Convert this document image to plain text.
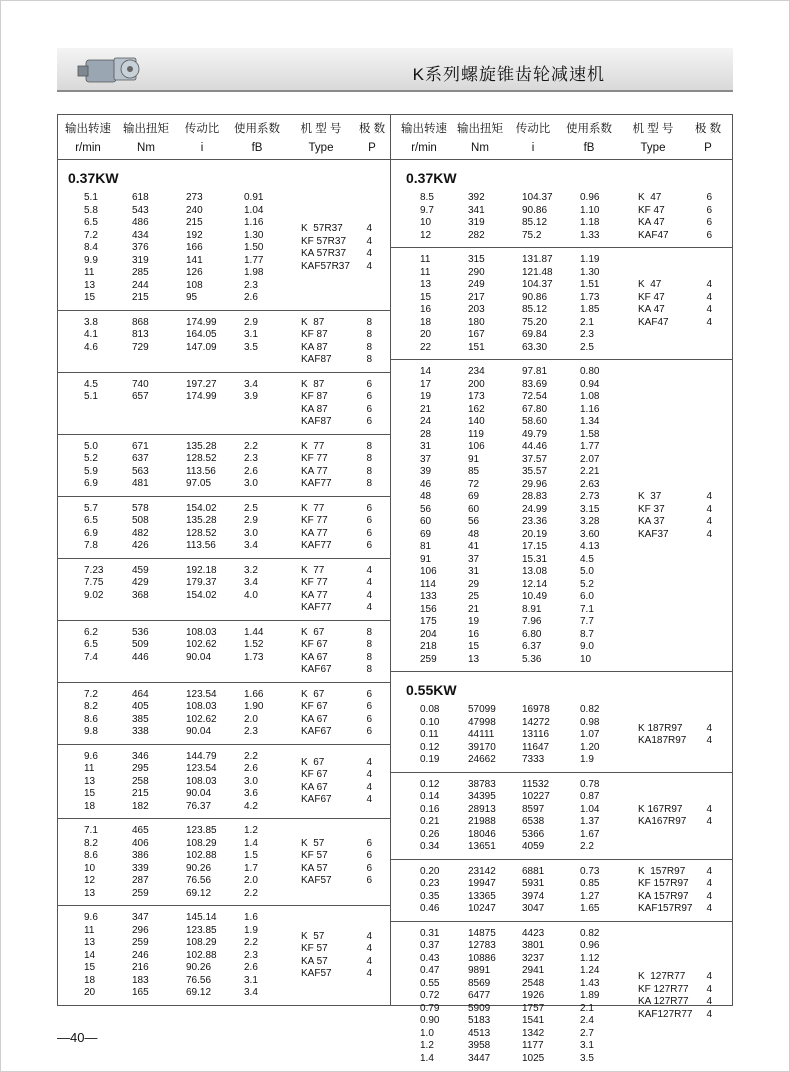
K系列螺旋锥齿轮减速机
输出转速
r/min
输出扭矩
Nm
传动比
i
使用系数
fB
机 型 号
Type
极 数
P
0.37KW
5.1
5.8
6.5
7.2
8.4
9.9
11
13
15
618
543
486
434
376
319
285
244
215
273
240
215
192
166
141
126
108
95
0.91
1.04
1.16
1.30
1.50
1.77
1.98
2.3
2.6
K  57R37
KF 57R37
KA 57R37
KAF57R37
4
4
4
4
3.8
4.1
4.6
868
813
729
174.99
164.05
147.09
2.9
3.1
3.5
K  87
KF 87
KA 87
KAF87
8
8
8
8
4.5
5.1
740
657
197.27
174.99
3.4
3.9
K  87
KF 87
KA 87
KAF87
6
6
6
6
5.0
5.2
5.9
6.9
671
637
563
481
135.28
128.52
113.56
97.05
2.2
2.3
2.6
3.0
K  77
KF 77
KA 77
KAF77
8
8
8
8
5.7
6.5
6.9
7.8
578
508
482
426
154.02
135.28
128.52
113.56
2.5
2.9
3.0
3.4
K  77
KF 77
KA 77
KAF77
6
6
6
6
7.23
7.75
9.02
459
429
368
192.18
179.37
154.02
3.2
3.4
4.0
K  77
KF 77
KA 77
KAF77
4
4
4
4
6.2
6.5
7.4
536
509
446
108.03
102.62
90.04
1.44
1.52
1.73
K  67
KF 67
KA 67
KAF67
8
8
8
8
7.2
8.2
8.6
9.8
464
405
385
338
123.54
108.03
102.62
90.04
1.66
1.90
2.0
2.3
K  67
KF 67
KA 67
KAF67
6
6
6
6
9.6
11
13
15
18
346
295
258
215
182
144.79
123.54
108.03
90.04
76.37
2.2
2.6
3.0
3.6
4.2
K  67
KF 67
KA 67
KAF67
4
4
4
4
7.1
8.2
8.6
10
12
13
465
406
386
339
287
259
123.85
108.29
102.88
90.26
76.56
69.12
1.2
1.4
1.5
1.7
2.0
2.2
K  57
KF 57
KA 57
KAF57
6
6
6
6
9.6
11
13
14
15
18
20
347
296
259
246
216
183
165
145.14
123.85
108.29
102.88
90.26
76.56
69.12
1.6
1.9
2.2
2.3
2.6
3.1
3.4
K  57
KF 57
KA 57
KAF57
4
4
4
4
输出转速
r/min
输出扭矩
Nm
传动比
i
使用系数
fB
机 型 号
Type
极 数
P
0.37KW
8.5
9.7
10
12
392
341
319
282
104.37
90.86
85.12
75.2
0.96
1.10
1.18
1.33
K  47
KF 47
KA 47
KAF47
6
6
6
6
11
11
13
15
16
18
20
22
315
290
249
217
203
180
167
151
131.87
121.48
104.37
90.86
85.12
75.20
69.84
63.30
1.19
1.30
1.51
1.73
1.85
2.1
2.3
2.5
K  47
KF 47
KA 47
KAF47
4
4
4
4
14
17
19
21
24
28
31
37
39
46
48
56
60
69
81
91
106
114
133
156
175
204
218
259
234
200
173
162
140
119
106
91
85
72
69
60
56
48
41
37
31
29
25
21
19
16
15
13
97.81
83.69
72.54
67.80
58.60
49.79
44.46
37.57
35.57
29.96
28.83
24.99
23.36
20.19
17.15
15.31
13.08
12.14
10.49
8.91
7.96
6.80
6.37
5.36
0.80
0.94
1.08
1.16
1.34
1.58
1.77
2.07
2.21
2.63
2.73
3.15
3.28
3.60
4.13
4.5
5.0
5.2
6.0
7.1
7.7
8.7
9.0
10
K  37
KF 37
KA 37
KAF37
4
4
4
4
0.55KW
0.08
0.10
0.11
0.12
0.19
57099
47998
44111
39170
24662
16978
14272
13116
11647
7333
0.82
0.98
1.07
1.20
1.9
K 187R97
KA187R97
4
4
0.12
0.14
0.16
0.21
0.26
0.34
38783
34395
28913
21988
18046
13651
11532
10227
8597
6538
5366
4059
0.78
0.87
1.04
1.37
1.67
2.2
K 167R97
KA167R97
4
4
0.20
0.23
0.35
0.46
23142
19947
13365
10247
6881
5931
3974
3047
0.73
0.85
1.27
1.65
K  157R97
KF 157R97
KA 157R97
KAF157R97
4
4
4
4
0.31
0.37
0.43
0.47
0.55
0.72
0.79
0.90
1.0
1.2
1.4
14875
12783
10886
9891
8569
6477
5909
5183
4513
3958
3447
4423
3801
3237
2941
2548
1926
1757
1541
1342
1177
1025
0.82
0.96
1.12
1.24
1.43
1.89
2.1
2.4
2.7
3.1
3.5
K  127R77
KF 127R77
KA 127R77
KAF127R77
4
4
4
4
—40—
